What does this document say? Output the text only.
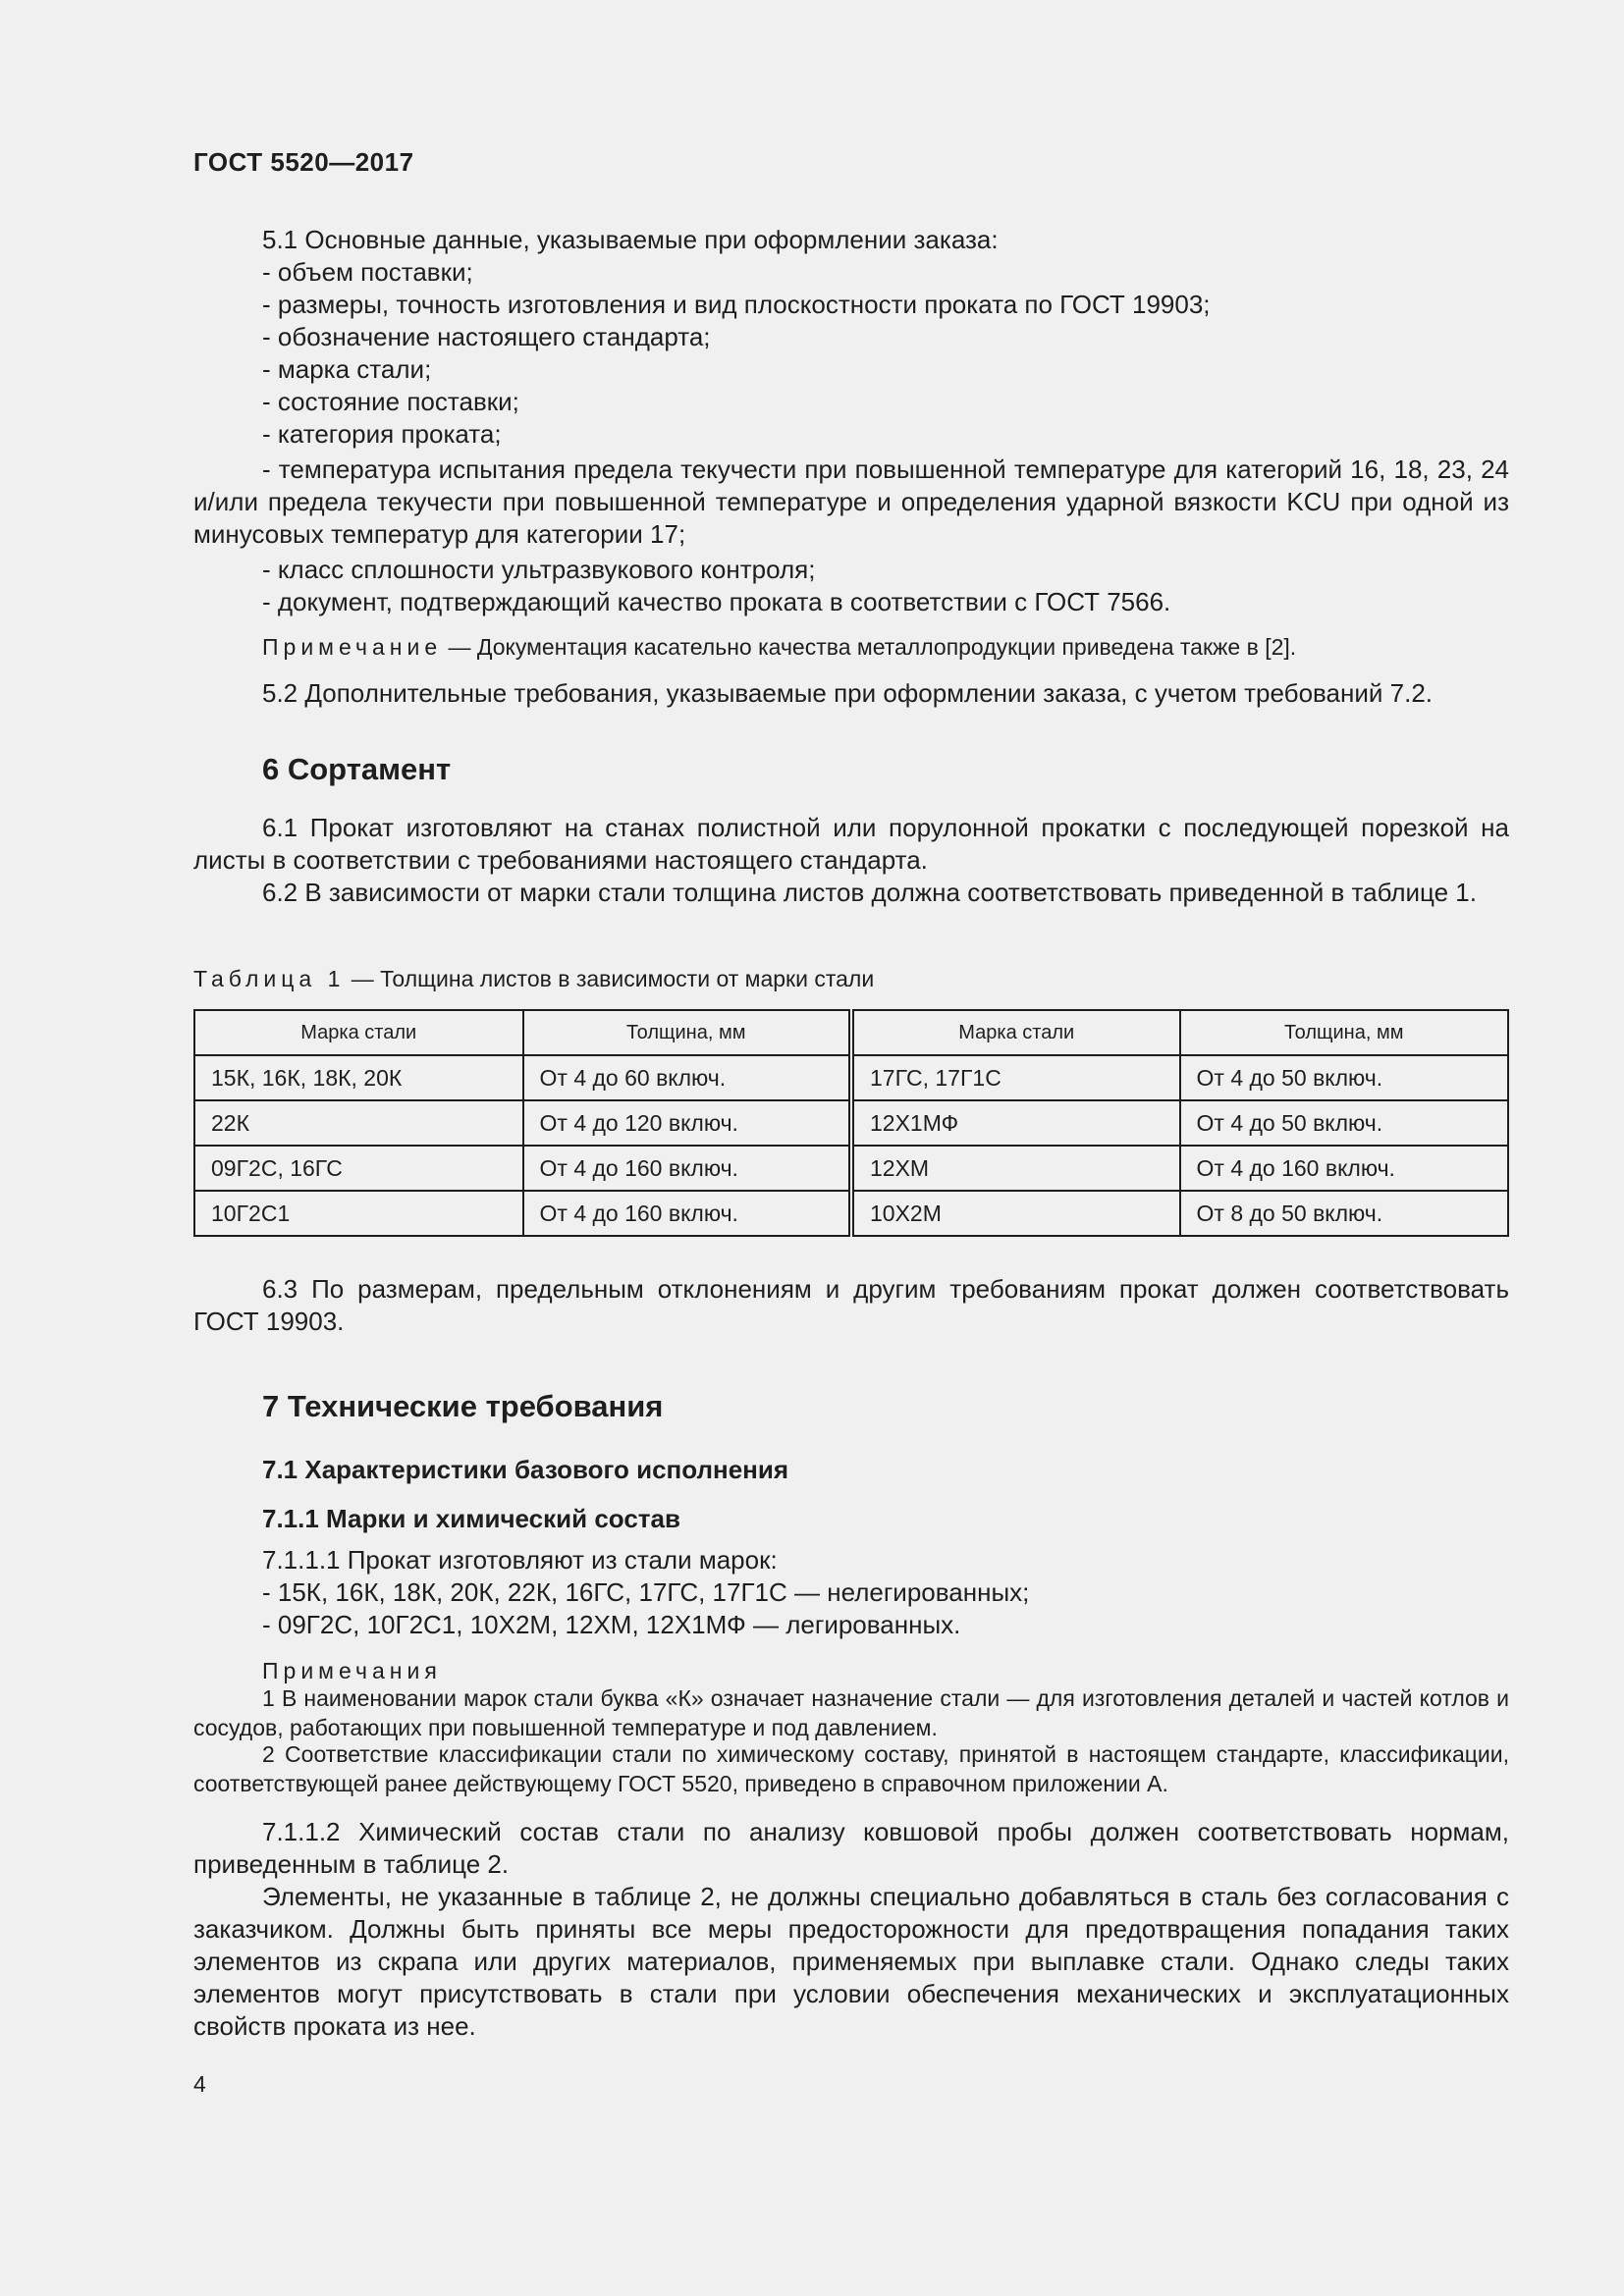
ГОСТ 5520—2017
5.1 Основные данные, указываемые при оформлении заказа:
- объем поставки;
- размеры, точность изготовления и вид плоскостности проката по ГОСТ 19903;
- обозначение настоящего стандарта;
- марка стали;
- состояние поставки;
- категория проката;

- температура испытания предела текучести при повышенной температуре для категорий 16, 18, 23, 24 и/или предела текучести при повышенной температуре и определения ударной вязкости KCU при одной из минусовых температур для категории 17;

- класс сплошности ультразвукового контроля;
- документ, подтверждающий качество проката в соответствии с ГОСТ 7566.
Примечание — Документация касательно качества металлопродукции приведена также в [2].
5.2 Дополнительные требования, указываемые при оформлении заказа, с учетом требований 7.2.
6 Сортамент

6.1 Прокат изготовляют на станах полистной или порулонной прокатки с последующей порезкой на листы в соответствии с требованиями настоящего стандарта.

6.2 В зависимости от марки стали толщина листов должна соответствовать приведенной в таблице 1.

Таблица 1 — Толщина листов в зависимости от марки стали
Марка стали	Толщина, мм	Марка стали	Толщина, мм
15К, 16К, 18К, 20К	От 4 до 60 включ.	17ГС, 17Г1С	От 4 до 50 включ.
22К	От 4 до 120 включ.	12Х1МФ	От 4 до 50 включ.
09Г2С, 16ГС	От 4 до 160 включ.	12ХМ	От 4 до 160 включ.
10Г2С1	От 4 до 160 включ.	10Х2М	От 8 до 50 включ.

6.3 По размерам, предельным отклонениям и другим требованиям прокат должен соответствовать ГОСТ 19903.

7 Технические требования
7.1 Характеристики базового исполнения
7.1.1 Марки и химический состав
7.1.1.1 Прокат изготовляют из стали марок:
- 15К, 16К, 18К, 20К, 22К, 16ГС, 17ГС, 17Г1С — нелегированных;
- 09Г2С, 10Г2С1, 10Х2М, 12ХМ, 12Х1МФ — легированных.
Примечания
1 В наименовании марок стали буква «К» означает назначение стали — для изготовления деталей и частей котлов и сосудов, работающих при повышенной температуре и под давлением.
2 Соответствие классификации стали по химическому составу, принятой в настоящем стандарте, классификации, соответствующей ранее действующему ГОСТ 5520, приведено в справочном приложении А.

7.1.1.2 Химический состав стали по анализу ковшовой пробы должен соответствовать нормам, приведенным в таблице 2.

Элементы, не указанные в таблице 2, не должны специально добавляться в сталь без согласования с заказчиком. Должны быть приняты все меры предосторожности для предотвращения попадания таких элементов из скрапа или других материалов, применяемых при выплавке стали. Однако следы таких элементов могут присутствовать в стали при условии обеспечения механических и эксплуатационных свойств проката из нее.

4
